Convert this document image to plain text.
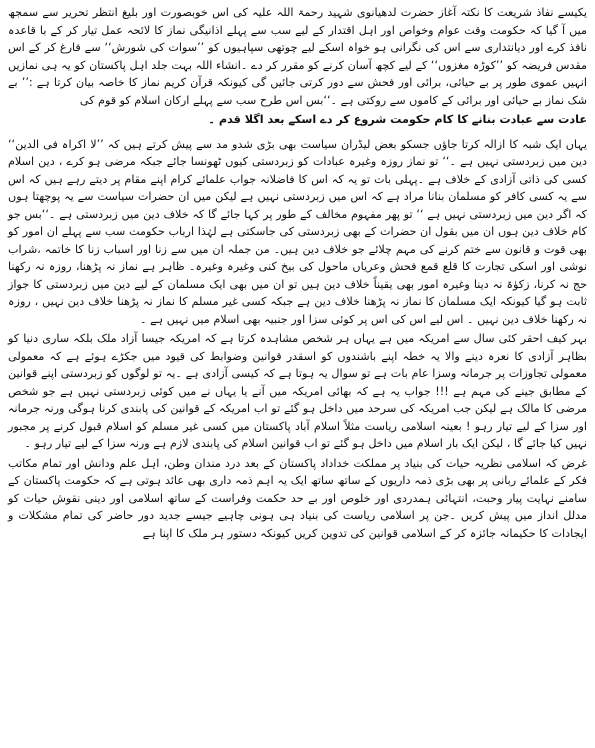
یکیسے نفاذ شریعت کا نکتہ آغاز حضرت لدھیانوی شہید رحمۃ اللہ علیہ کی اس خوبصورت اور بلیغ انتظر تحریر سے سمجھ میں آ گیا کہ حکومت وقت عوام وخواص اور اہل اقتدار کے لیے سب سے پہلے اذانیگی نماز کا لائحہ عمل تیار کر کے با قاعدہ نافذ کرے اور دیانتداری سے اس کی نگرانی ہو خواہ اسکے لیے چوتھی سپاہیوں کو ’’سوات کی شورش‘‘ سے فارغ کر کے اس مقدس فریضہ کو ’’کوڑہ مغزوں‘‘ کے لیے کچھ آسان کرنے کو مقرر کر دے ۔انشاء اللہ بہت جلد اہل پاکستان کو یہ ہی نمازیں انہیں عموی طور پر بے حیائی، برائی اور فحش سے دور کرتی جائیں گی کیونکہ قرآن کریم نماز کا خاصہ بیان کرتا ہے :’’ بے شک نماز بے حیائی اور برائی کے کاموں سے روکتی ہے ۔‘‘بس اس طرح سب سے پہلے ارکان اسلام کو قوم کی

عادت سے عبادت بنانے کا کام حکومت شروع کر دے اسکے بعد اگلا قدم ۔

یہاں ایک شبہ کا ازالہ کرتا جاؤں جسکو بعض لیڈران سیاست بھی بڑی شدو مد سے پیش کرتے ہیں کہ ’’لا اکراہ فی الدین‘‘ دین میں زبردستی نہیں ہے ۔‘‘ تو نماز روزہ وغیرہ عبادات کو زبردستی کیوں ٹھونسا جائے جبکہ مرضی ہو کرے ، دین اسلام کسی کی ذاتی آزادی کے خلاف ہے ۔پہلی بات تو یہ کہ اس کا فاضلانہ جواب علمائے کرام اپنے مقام پر دیتے رہے ہیں کہ اس سے یہ کسی کافر کو مسلمان بنانا مراد ہے کہ اس میں زبردستی نہیں ہے لیکن میں ان حضرات سیاست سے یہ پوچھتا ہوں کہ اگر دین میں زبردستی نہیں ہے ‘‘ تو پھر مفہوم مخالف کے طور پر کہا جائے گا کہ خلاف دین میں زبردستی ہے ۔‘‘بس جو کام خلاف دین ہوں ان میں بقول ان حضرات کے بھی زبردستی کی جاسکتی ہے لہٰذا ارباب حکومت سب سے پہلے ان امور کو بھی قوت و قانون سے ختم کرنے کی مہم چلائے جو خلاف دین ہیں۔ من جملہ ان میں سے زنا اور اسباب زنا کا خاتمہ ،شراب نوشی اور اسکی تجارت کا قلع قمع فحش وعریاں ماحول کی بیخ کنی وغیرہ وغیرہ۔ ظاہر ہے نماز نہ پڑھنا، روزہ نہ رکھنا حج نہ کرنا، زکوٰۃ نہ دینا وغیرہ امور بھی یقیناً خلاف دین ہیں تو ان میں بھی ایک مسلمان کے لیے دین میں زبردستی کا جواز ثابت ہو گیا کیونکہ ایک مسلمان کا نماز نہ پڑھنا خلاف دین ہے جبکہ کسی غیر مسلم کا نماز نہ پڑھنا خلاف دین نہیں ، روزہ نہ رکھنا خلاف دین نہیں ۔ اس لیے اس کی اس پر کوئی سزا اور جنبیہ بھی اسلام میں نہیں ہے ۔

بہر کیف احقر کئی سال سے امریکہ میں ہے یہاں ہر شخص مشاہدہ کرتا ہے کہ امریکہ جیسا آزاد ملک بلکہ ساری دنیا کو بظاہر آزادی کا نعرہ دینے والا یہ خطہ اپنے باشندوں کو اسقدر قوانین وضوابط کی قیود میں جکڑے ہوئے ہے کہ معمولی معمولی تجاوزات پر جرمانہ وسزا عام بات ہے تو سوال یہ ہوتا ہے کہ کیسی آزادی ہے ۔یہ تو لوگوں کو زبردستی اپنے قوانین کے مطابق جینے کی مہم ہے !!! جواب یہ ہے کہ بھائی امریکہ میں آنے یا یہاں نے میں کوئی زبردستی نہیں ہے جو شخص مرضی کا مالک ہے لیکن جب امریکہ کی سرحد میں داخل ہو گئے تو اب امریکہ کے قوانین کی پابندی کرنا ہوگی ورنہ جرمانہ اور سزا کے لیے تیار رہو ! بعینہ اسلامی ریاست مثلاً اسلام آباد پاکستان میں کسی غیر مسلم کو اسلام قبول کرنے پر مجبور نہیں کیا جائے گا ، لیکن ایک بار اسلام میں داخل ہو گئے تو اب قوانین اسلام کی پابندی لازم ہے ورنہ سزا کے لیے تیار رہو ۔

غرض کہ اسلامی نظریہ حیات کی بنیاد پر مملکت خداداد پاکستان کے بعد درد مندان وطن، اہل علم ودانش اور تمام مکاتب فکر کے علمائے ربانی پر بھی بڑی ذمہ داریوں کے ساتھ ساتھ ایک یہ اہم ذمہ داری بھی عائد ہوتی ہے کہ حکومت پاکستان کے سامنے نہایت پیار وحبت، انتہائی ہمدردی اور خلوص اور بے حد حکمت وفراست کے ساتھ اسلامی اور دینی نقوش حیات کو مدلل انداز میں پیش کریں ۔جن پر اسلامی ریاست کی بنیاد ہی ہونی چاہیے جیسے جدید دور حاضر کی تمام مشکلات و ایجادات کا حکیمانہ جائزہ کر کے اسلامی قوانین کی تدوین کریں کیونکہ دستور ہر ملک کا اپنا ہے
